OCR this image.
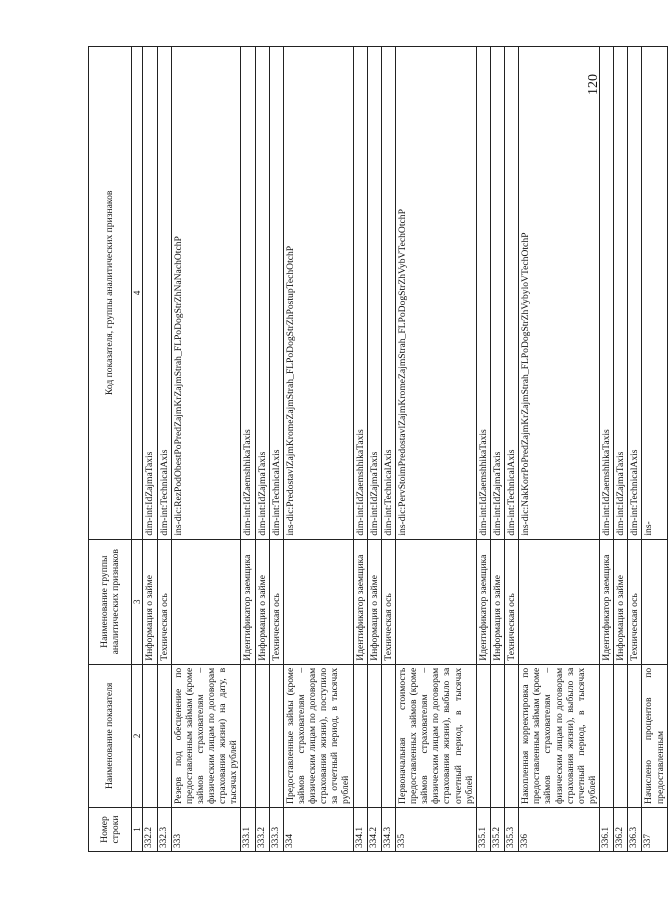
120
Номер строки	Наименование показателя	Наименование группы аналитических признаков	Код показателя, группы аналитических признаков
1	2	3	4
332.2		Информация о займе	dim-int:IdZajmaTaxis
332.3		Техническая ось	dim-int:TechnicalAxis
333	Резерв под обесценение по предоставленным займам (кроме займов страхователям – физическим лицам по договорам страхования жизни) на дату, в тысячах рублей		ins-dic:RezPodObestPoPredZajmKrZajmStrah_FLPoDogStrZhNaNachOtchP
333.1		Идентификатор заемщика	dim-int:IdZaemshhikaTaxis
333.2		Информация о займе	dim-int:IdZajmaTaxis
333.3		Техническая ось	dim-int:TechnicalAxis
334	Предоставленные займы (кроме займов страхователям – физическим лицам по договорам страхования жизни), поступило за отчетный период, в тысячах рублей		ins-dic:PredostavlZajmKromeZajmStrah_FLPoDogStrZhPostupTechOtchP
334.1		Идентификатор заемщика	dim-int:IdZaemshhikaTaxis
334.2		Информация о займе	dim-int:IdZajmaTaxis
334.3		Техническая ось	dim-int:TechnicalAxis
335	Первоначальная стоимость предоставленных займов (кроме займов страхователям – физическим лицам по договорам страхования жизни), выбыло за отчетный период, в тысячах рублей		ins-dic:PervStoimPredostavlZajmKromeZajmStrah_FLPoDogStrZhVybVTechOtchP
335.1		Идентификатор заемщика	dim-int:IdZaemshhikaTaxis
335.2		Информация о займе	dim-int:IdZajmaTaxis
335.3		Техническая ось	dim-int:TechnicalAxis
336	Накопленная корректировка по предоставленным займам (кроме займов страхователям – физическим лицам по договорам страхования жизни), выбыло за отчетный период, в тысячах рублей		ins-dic:NakKorrPoPredZajmKrZajmStrah_FLPoDogStrZhVybyloVTechOtchP
336.1		Идентификатор заемщика	dim-int:IdZaemshhikaTaxis
336.2		Информация о займе	dim-int:IdZajmaTaxis
336.3		Техническая ось	dim-int:TechnicalAxis
337	Начислено процентов по предоставленным		ins-
